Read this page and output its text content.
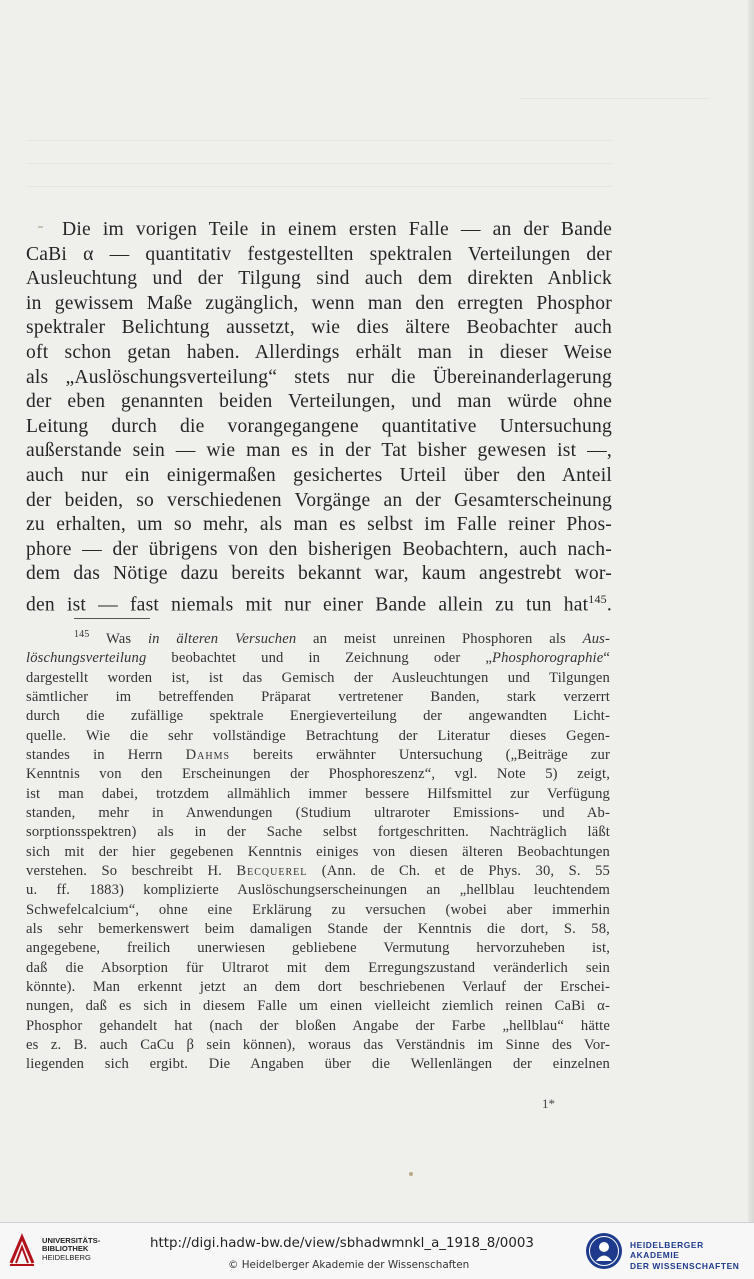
Die im vorigen Teile in einem ersten Falle — an der Bande
CaBi α — quantitativ festgestellten spektralen Verteilungen der
Ausleuchtung und der Tilgung sind auch dem direkten Anblick
in gewissem Maße zugänglich, wenn man den erregten Phosphor
spektraler Belichtung aussetzt, wie dies ältere Beobachter auch
oft schon getan haben. Allerdings erhält man in dieser Weise
als „Auslöschungsverteilung“ stets nur die Übereinanderlagerung
der eben genannten beiden Verteilungen, und man würde ohne
Leitung durch die vorangegangene quantitative Untersuchung
außerstande sein — wie man es in der Tat bisher gewesen ist —,
auch nur ein einigermaßen gesichertes Urteil über den Anteil
der beiden, so verschiedenen Vorgänge an der Gesamterscheinung
zu erhalten, um so mehr, als man es selbst im Falle reiner Phos-
phore — der übrigens von den bisherigen Beobachtern, auch nach-
dem das Nötige dazu bereits bekannt war, kaum angestrebt wor-
den ist — fast niemals mit nur einer Bande allein zu tun hat$^{145}$.
$^{145}$ Was in älteren Versuchen an meist unreinen Phosphoren als Aus-
löschungsverteilung beobachtet und in Zeichnung oder „Phosphorographie“
dargestellt worden ist, ist das Gemisch der Ausleuchtungen und Tilgungen
sämtlicher im betreffenden Präparat vertretener Banden, stark verzerrt
durch die zufällige spektrale Energieverteilung der angewandten Licht-
quelle. Wie die sehr vollständige Betrachtung der Literatur dieses Gegen-
standes in Herrn Dahms bereits erwähnter Untersuchung („Beiträge zur
Kenntnis von den Erscheinungen der Phosphoreszenz“, vgl. Note 5) zeigt,
ist man dabei, trotzdem allmählich immer bessere Hilfsmittel zur Verfügung
standen, mehr in Anwendungen (Studium ultraroter Emissions- und Ab-
sorptionsspektren) als in der Sache selbst fortgeschritten. Nachträglich läßt
sich mit der hier gegebenen Kenntnis einiges von diesen älteren Beobachtungen
verstehen. So beschreibt H. Becquerel (Ann. de Ch. et de Phys. 30, S. 55
u. ff. 1883) komplizierte Auslöschungserscheinungen an „hellblau leuchtendem
Schwefelcalcium“, ohne eine Erklärung zu versuchen (wobei aber immerhin
als sehr bemerkenswert beim damaligen Stande der Kenntnis die dort, S. 58,
angegebene, freilich unerwiesen gebliebene Vermutung hervorzuheben ist,
daß die Absorption für Ultrarot mit dem Erregungszustand veränderlich sein
könnte). Man erkennt jetzt an dem dort beschriebenen Verlauf der Erschei-
nungen, daß es sich in diesem Falle um einen vielleicht ziemlich reinen CaBi α-
Phosphor gehandelt hat (nach der bloßen Angabe der Farbe „hellblau“ hätte
es z. B. auch CaCu β sein können), woraus das Verständnis im Sinne des Vor-
liegenden sich ergibt. Die Angaben über die Wellenlängen der einzelnen
1*
UNIVERSITÄTS-
BIBLIOTHEK
HEIDELBERG
http://digi.hadw-bw.de/view/sbhadwmnkl_a_1918_8/0003
© Heidelberger Akademie der Wissenschaften
HEIDELBERGER AKADEMIE
DER WISSENSCHAFTEN
